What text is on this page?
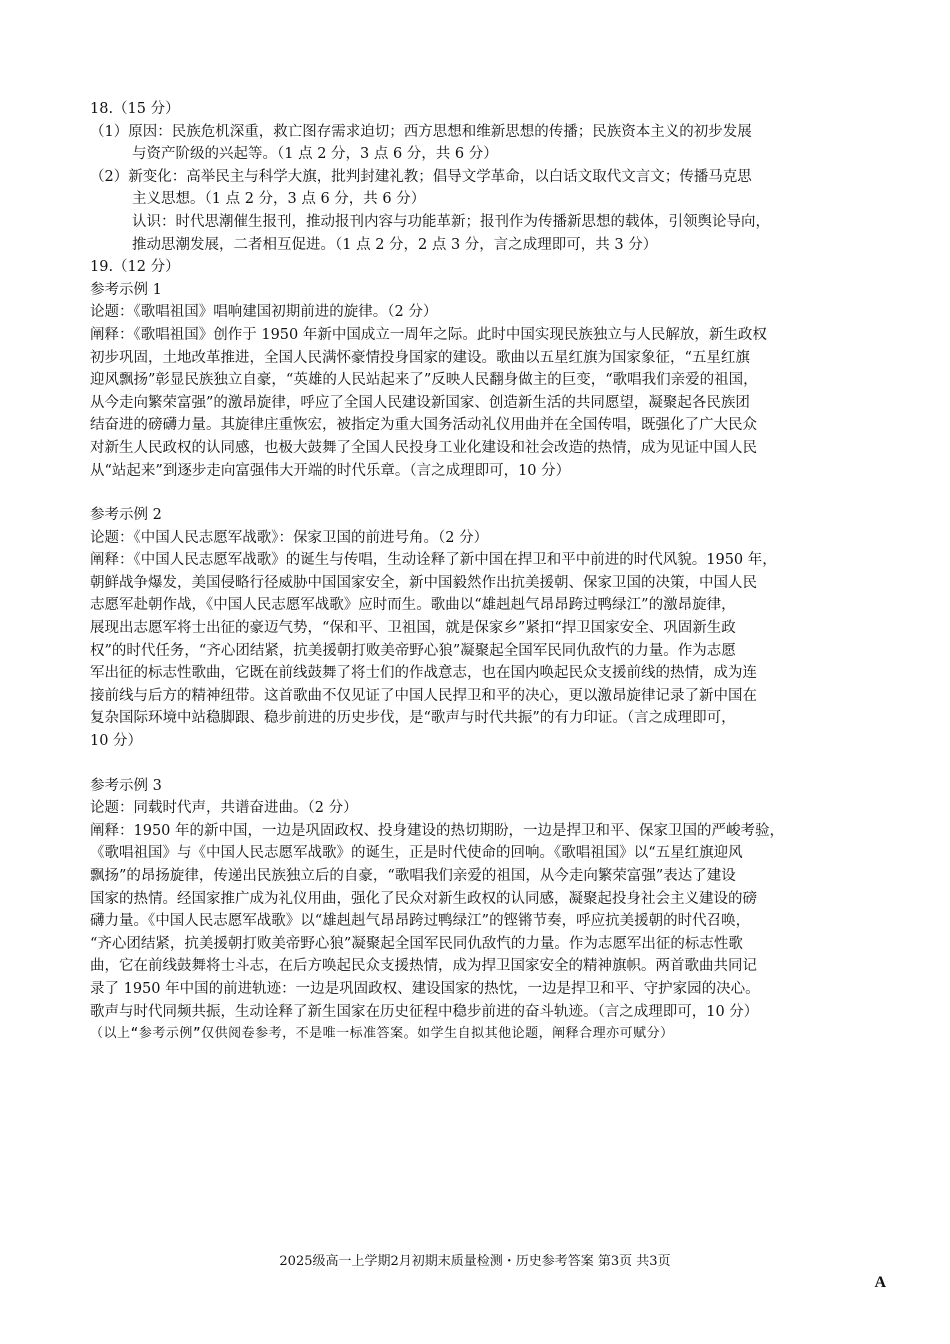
18.（15 分）
（1）原因：民族危机深重，救亡图存需求迫切；西方思想和维新思想的传播；民族资本主义的初步发展
与资产阶级的兴起等。（1 点 2 分，3 点 6 分，共 6 分）
（2）新变化：高举民主与科学大旗，批判封建礼教；倡导文学革命，以白话文取代文言文；传播马克思
主义思想。（1 点 2 分，3 点 6 分，共 6 分）
认识：时代思潮催生报刊，推动报刊内容与功能革新；报刊作为传播新思想的载体，引领舆论导向，
推动思潮发展，二者相互促进。（1 点 2 分，2 点 3 分，言之成理即可，共 3 分）
19.（12 分）
参考示例 1
论题：《歌唱祖国》唱响建国初期前进的旋律。（2 分）
阐释：《歌唱祖国》创作于 1950 年新中国成立一周年之际。此时中国实现民族独立与人民解放，新生政权
初步巩固，土地改革推进，全国人民满怀豪情投身国家的建设。歌曲以五星红旗为国家象征，“五星红旗
迎风飘扬”彰显民族独立自豪，“英雄的人民站起来了”反映人民翻身做主的巨变，“歌唱我们亲爱的祖国，
从今走向繁荣富强”的激昂旋律，呼应了全国人民建设新国家、创造新生活的共同愿望，凝聚起各民族团
结奋进的磅礴力量。其旋律庄重恢宏，被指定为重大国务活动礼仪用曲并在全国传唱，既强化了广大民众
对新生人民政权的认同感，也极大鼓舞了全国人民投身工业化建设和社会改造的热情，成为见证中国人民
从“站起来”到逐步走向富强伟大开端的时代乐章。（言之成理即可，10 分）
参考示例 2
论题：《中国人民志愿军战歌》：保家卫国的前进号角。（2 分）
阐释：《中国人民志愿军战歌》的诞生与传唱，生动诠释了新中国在捍卫和平中前进的时代风貌。1950 年，
朝鲜战争爆发，美国侵略行径威胁中国国家安全，新中国毅然作出抗美援朝、保家卫国的决策，中国人民
志愿军赴朝作战，《中国人民志愿军战歌》应时而生。歌曲以“雄赳赳气昂昂跨过鸭绿江”的激昂旋律，
展现出志愿军将士出征的豪迈气势，“保和平、卫祖国，就是保家乡”紧扣“捍卫国家安全、巩固新生政
权”的时代任务，“齐心团结紧，抗美援朝打败美帝野心狼”凝聚起全国军民同仇敌忾的力量。作为志愿
军出征的标志性歌曲，它既在前线鼓舞了将士们的作战意志，也在国内唤起民众支援前线的热情，成为连
接前线与后方的精神纽带。这首歌曲不仅见证了中国人民捍卫和平的决心，更以激昂旋律记录了新中国在
复杂国际环境中站稳脚跟、稳步前进的历史步伐，是“歌声与时代共振”的有力印证。（言之成理即可，
10 分）
参考示例 3
论题：同载时代声，共谱奋进曲。（2 分）
阐释：1950 年的新中国，一边是巩固政权、投身建设的热切期盼，一边是捍卫和平、保家卫国的严峻考验，
《歌唱祖国》与《中国人民志愿军战歌》的诞生，正是时代使命的回响。《歌唱祖国》以“五星红旗迎风
飘扬”的昂扬旋律，传递出民族独立后的自豪，“歌唱我们亲爱的祖国，从今走向繁荣富强”表达了建设
国家的热情。经国家推广成为礼仪用曲，强化了民众对新生政权的认同感，凝聚起投身社会主义建设的磅
礴力量。《中国人民志愿军战歌》以“雄赳赳气昂昂跨过鸭绿江”的铿锵节奏，呼应抗美援朝的时代召唤，
“齐心团结紧，抗美援朝打败美帝野心狼”凝聚起全国军民同仇敌忾的力量。作为志愿军出征的标志性歌
曲，它在前线鼓舞将士斗志，在后方唤起民众支援热情，成为捍卫国家安全的精神旗帜。两首歌曲共同记
录了 1950 年中国的前进轨迹：一边是巩固政权、建设国家的热忱，一边是捍卫和平、守护家园的决心。
歌声与时代同频共振，生动诠释了新生国家在历史征程中稳步前进的奋斗轨迹。（言之成理即可，10 分）
（以上“参考示例”仅供阅卷参考，不是唯一标准答案。如学生自拟其他论题，阐释合理亦可赋分）
2025级高一上学期2月初期末质量检测・历史参考答案 第3页 共3页
A
